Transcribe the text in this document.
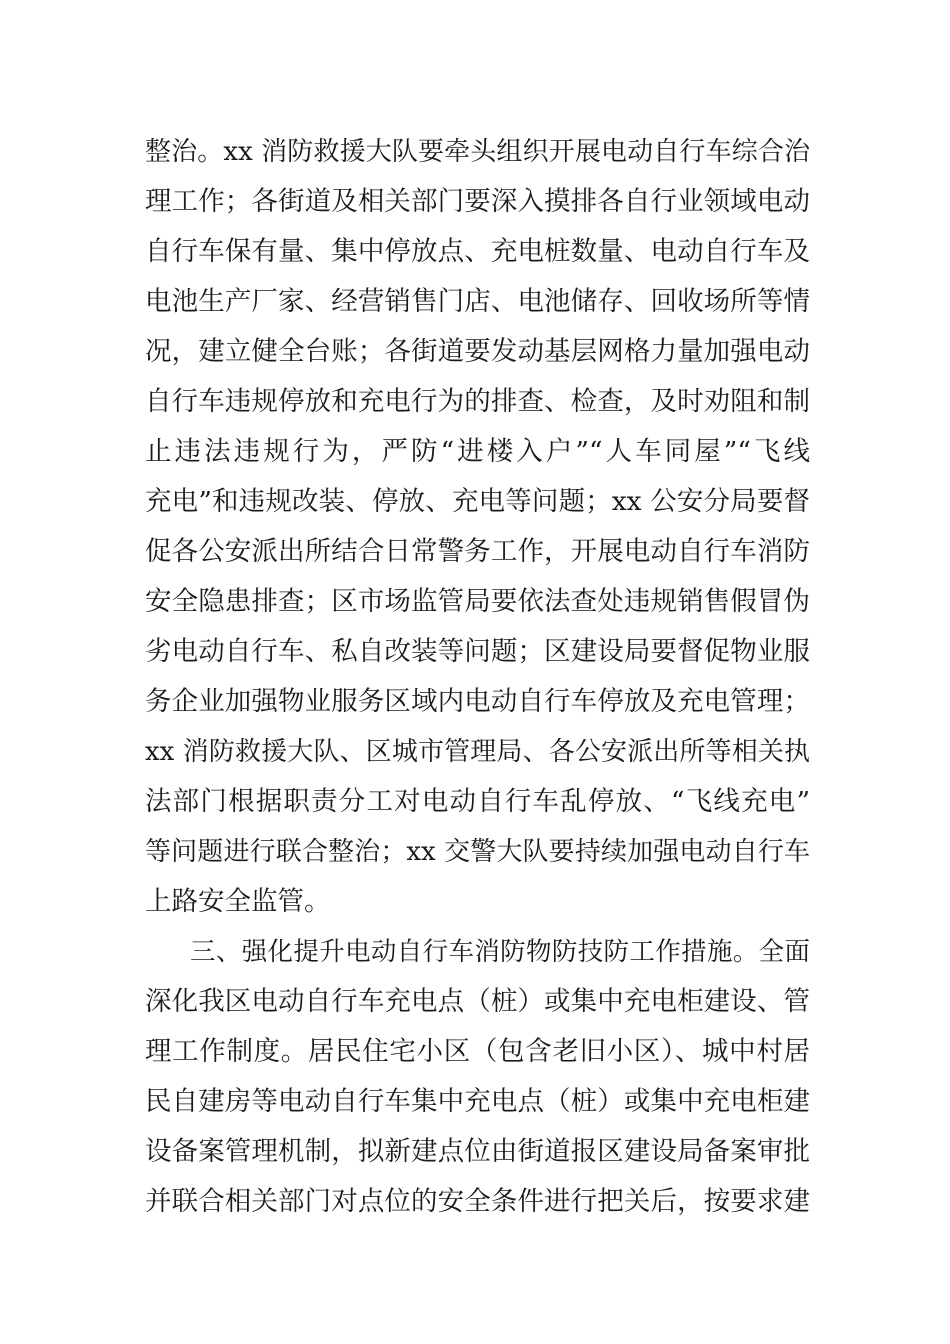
整治。xx 消防救援大队要牵头组织开展电动自行车综合治
理工作；各街道及相关部门要深入摸排各自行业领域电动
自行车保有量、集中停放点、充电桩数量、电动自行车及
电池生产厂家、经营销售门店、电池储存、回收场所等情
况，建立健全台账；各街道要发动基层网格力量加强电动
自行车违规停放和充电行为的排查、检查，及时劝阻和制
止违法违规行为，严防“进楼入户”“人车同屋”“飞线
充电”和违规改装、停放、充电等问题；xx 公安分局要督
促各公安派出所结合日常警务工作，开展电动自行车消防
安全隐患排查；区市场监管局要依法查处违规销售假冒伪
劣电动自行车、私自改装等问题；区建设局要督促物业服
务企业加强物业服务区域内电动自行车停放及充电管理；
xx 消防救援大队、区城市管理局、各公安派出所等相关执
法部门根据职责分工对电动自行车乱停放、“飞线充电”
等问题进行联合整治；xx 交警大队要持续加强电动自行车
上路安全监管。
三、强化提升电动自行车消防物防技防工作措施。全面
深化我区电动自行车充电点（桩）或集中充电柜建设、管
理工作制度。居民住宅小区（包含老旧小区）、城中村居
民自建房等电动自行车集中充电点（桩）或集中充电柜建
设备案管理机制，拟新建点位由街道报区建设局备案审批
并联合相关部门对点位的安全条件进行把关后，按要求建
